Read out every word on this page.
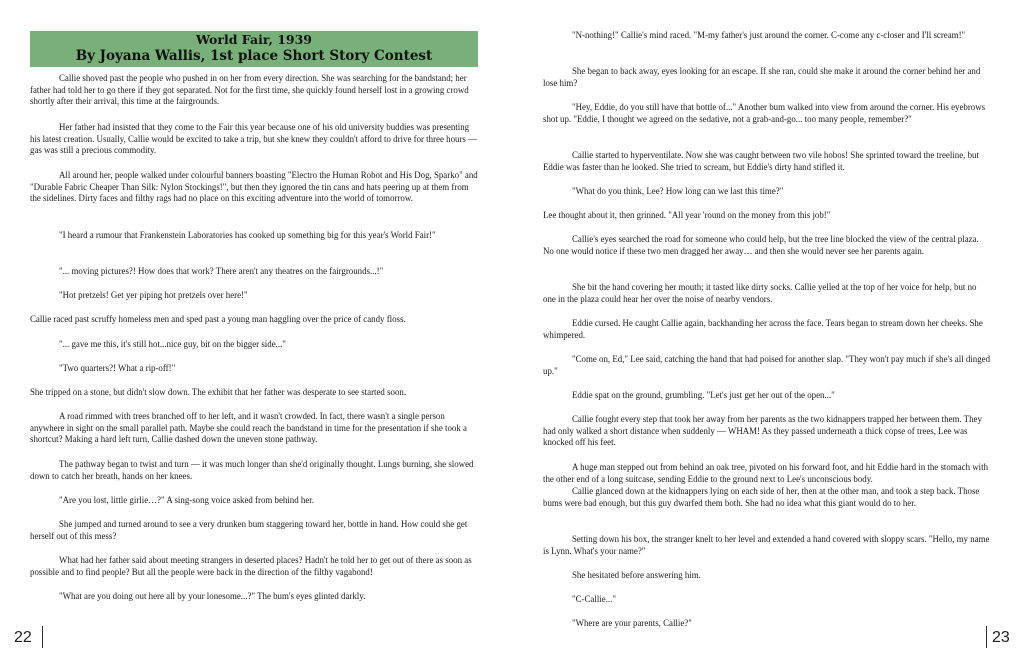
World Fair, 1939
By Joyana Wallis, 1st place Short Story Contest

Callie shoved past the people who pushed in on her from every direction. She was searching for the bandstand; her father had told her to go there if they got separated. Not for the first time, she quickly found herself lost in a growing crowd shortly after their arrival, this time at the fairgrounds.

Her father had insisted that they come to the Fair this year because one of his old university buddies was presenting his latest creation. Usually, Callie would be excited to take a trip, but she knew they couldn't afford to drive for three hours — gas was still a precious commodity.

All around her, people walked under colourful banners boasting "Electro the Human Robot and His Dog, Sparko" and "Durable Fabric Cheaper Than Silk: Nylon Stockings!", but then they ignored the tin cans and hats peering up at them from the sidelines. Dirty faces and filthy rags had no place on this exciting adventure into the world of tomorrow.

"I heard a rumour that Frankenstein Laboratories has cooked up something big for this year's World Fair!"

"... moving pictures?! How does that work? There aren't any theatres on the fairgrounds...!"

"Hot pretzels! Get yer piping hot pretzels over here!"

Callie raced past scruffy homeless men and sped past a young man haggling over the price of candy floss.

"... gave me this, it's still hot...nice guy, bit on the bigger side..."

"Two quarters?! What a rip-off!"

She tripped on a stone, but didn't slow down. The exhibit that her father was desperate to see started soon.

A road rimmed with trees branched off to her left, and it wasn't crowded. In fact, there wasn't a single person anywhere in sight on the small parallel path. Maybe she could reach the bandstand in time for the presentation if she took a shortcut? Making a hard left turn, Callie dashed down the uneven stone pathway.

The pathway began to twist and turn — it was much longer than she'd originally thought. Lungs burning, she slowed down to catch her breath, hands on her knees.

"Are you lost, little girlie…?" A sing-song voice asked from behind her.

She jumped and turned around to see a very drunken bum staggering toward her, bottle in hand. How could she get herself out of this mess?

What had her father said about meeting strangers in deserted places? Hadn't he told her to get out of there as soon as possible and to find people? But all the people were back in the direction of the filthy vagabond!

"What are you doing out here all by your lonesome...?" The bum's eyes glinted darkly.

22

"N-nothing!" Callie's mind raced. "M-my father's just around the corner. C-come any c-closer and I'll scream!"

She began to back away, eyes looking for an escape. If she ran, could she make it around the corner behind her and lose him?

"Hey, Eddie, do you still have that bottle of..." Another bum walked into view from around the corner. His eyebrows shot up. "Eddie, I thought we agreed on the sedative, not a grab-and-go... too many people, remember?"

Callie started to hyperventilate. Now she was caught between two vile hobos! She sprinted toward the treeline, but Eddie was faster than he looked. She tried to scream, but Eddie's dirty hand stifled it.

"What do you think, Lee? How long can we last this time?"

Lee thought about it, then grinned. "All year 'round on the money from this job!"

Callie's eyes searched the road for someone who could help, but the tree line blocked the view of the central plaza. No one would notice if these two men dragged her away… and then she would never see her parents again.

She bit the hand covering her mouth; it tasted like dirty socks. Callie yelled at the top of her voice for help, but no one in the plaza could hear her over the noise of nearby vendors.

Eddie cursed. He caught Callie again, backhanding her across the face. Tears began to stream down her cheeks. She whimpered.

"Come on, Ed," Lee said, catching the hand that had poised for another slap. "They won't pay much if she's all dinged up."

Eddie spat on the ground, grumbling. "Let's just get her out of the open..."

Callie fought every step that took her away from her parents as the two kidnappers trapped her between them. They had only walked a short distance when suddenly — WHAM! As they passed underneath a thick copse of trees, Lee was knocked off his feet.

A huge man stepped out from behind an oak tree, pivoted on his forward foot, and hit Eddie hard in the stomach with the other end of a long suitcase, sending Eddie to the ground next to Lee's unconscious body.

Callie glanced down at the kidnappers lying on each side of her, then at the other man, and took a step back. Those bums were bad enough, but this guy dwarfed them both. She had no idea what this giant would do to her.

Setting down his box, the stranger knelt to her level and extended a hand covered with sloppy scars. "Hello, my name is Lynn. What's your name?"

She hesitated before answering him.

"C-Callie..."

"Where are your parents, Callie?"

23
